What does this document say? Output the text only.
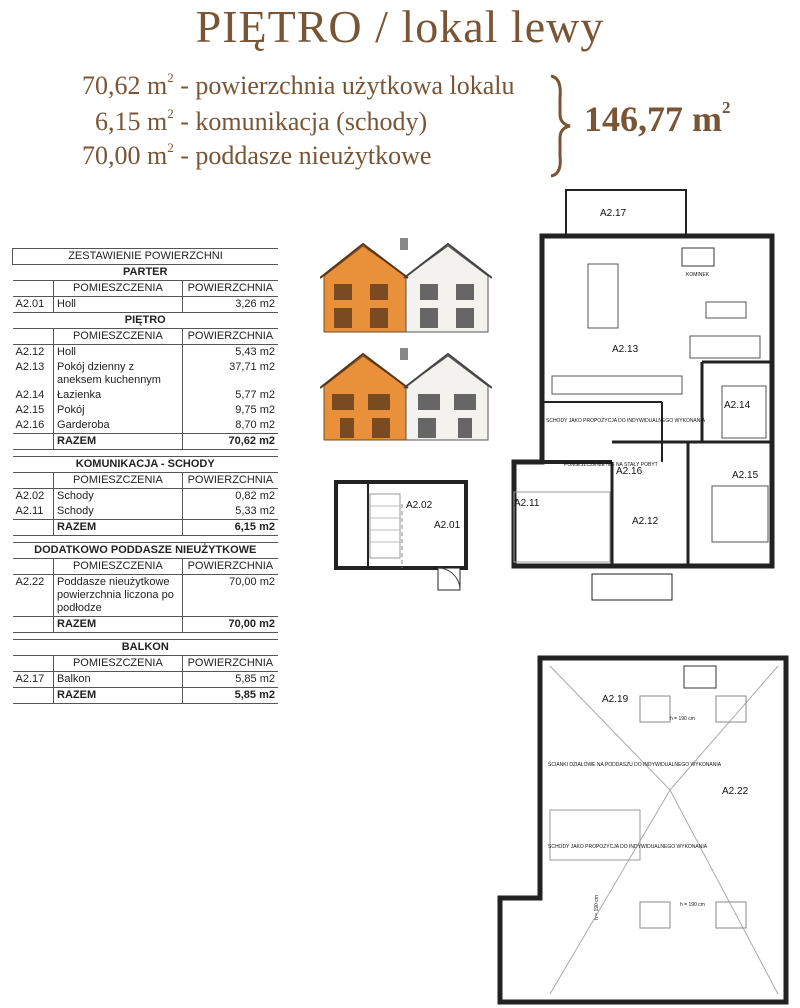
PIĘTRO / lokal lewy
70,62 $m^2$ - powierzchnia użytkowa lokalu
6,15 $m^2$ - komunikacja (schody)
70,00 $m^2$ - poddasze nieużytkowe
146,77 $m^2$
ZESTAWIENIE POWIERZCHNI		
PARTER		
	POMIESZCZENIA	POWIERZCHNIA
A2.01	Holl	3,26 m2
PIĘTRO		
	POMIESZCZENIA	POWIERZCHNIA
A2.12	Holl	5,43 m2
A2.13	Pokój dzienny z aneksem kuchennym	37,71 m2
A2.14	Łazienka	5,77 m2
A2.15	Pokój	9,75 m2
A2.16	Garderoba	8,70 m2
	RAZEM	70,62 m2

KOMUNIKACJA - SCHODY		
	POMIESZCZENIA	POWIERZCHNIA
A2.02	Schody	0,82 m2
A2.11	Schody	5,33 m2
	RAZEM	6,15 m2

DODATKOWO PODDASZE NIEUŻYTKOWE		
	POMIESZCZENIA	POWIERZCHNIA
A2.22	Poddasze nieużytkowe powierzchnia liczona po podłodze	70,00 m2
	RAZEM	70,00 m2

BALKON		
	POMIESZCZENIA	POWIERZCHNIA
A2.17	Balkon	5,85 m2
	RAZEM	5,85 m2
A2.02
A2.01
A2.17
KOMINEK
A2.13
A2.14
A2.16	A2.15
A2.11
A2.12
SCHODY JAKO PROPOZYCJA DO INDYWIDUALNEGO WYKONANIA
POMIESZCZENIE NIE NA STAŁY POBYT
A2.19
A2.22
h = 190 cm
h = 190 cm
h = 190 cm
ŚCIANKI DZIAŁOWE NA PODDASZU DO INDYWIDUALNEGO WYKONANIA
SCHODY JAKO PROPOZYCJA DO INDYWIDUALNEGO WYKONANIA
